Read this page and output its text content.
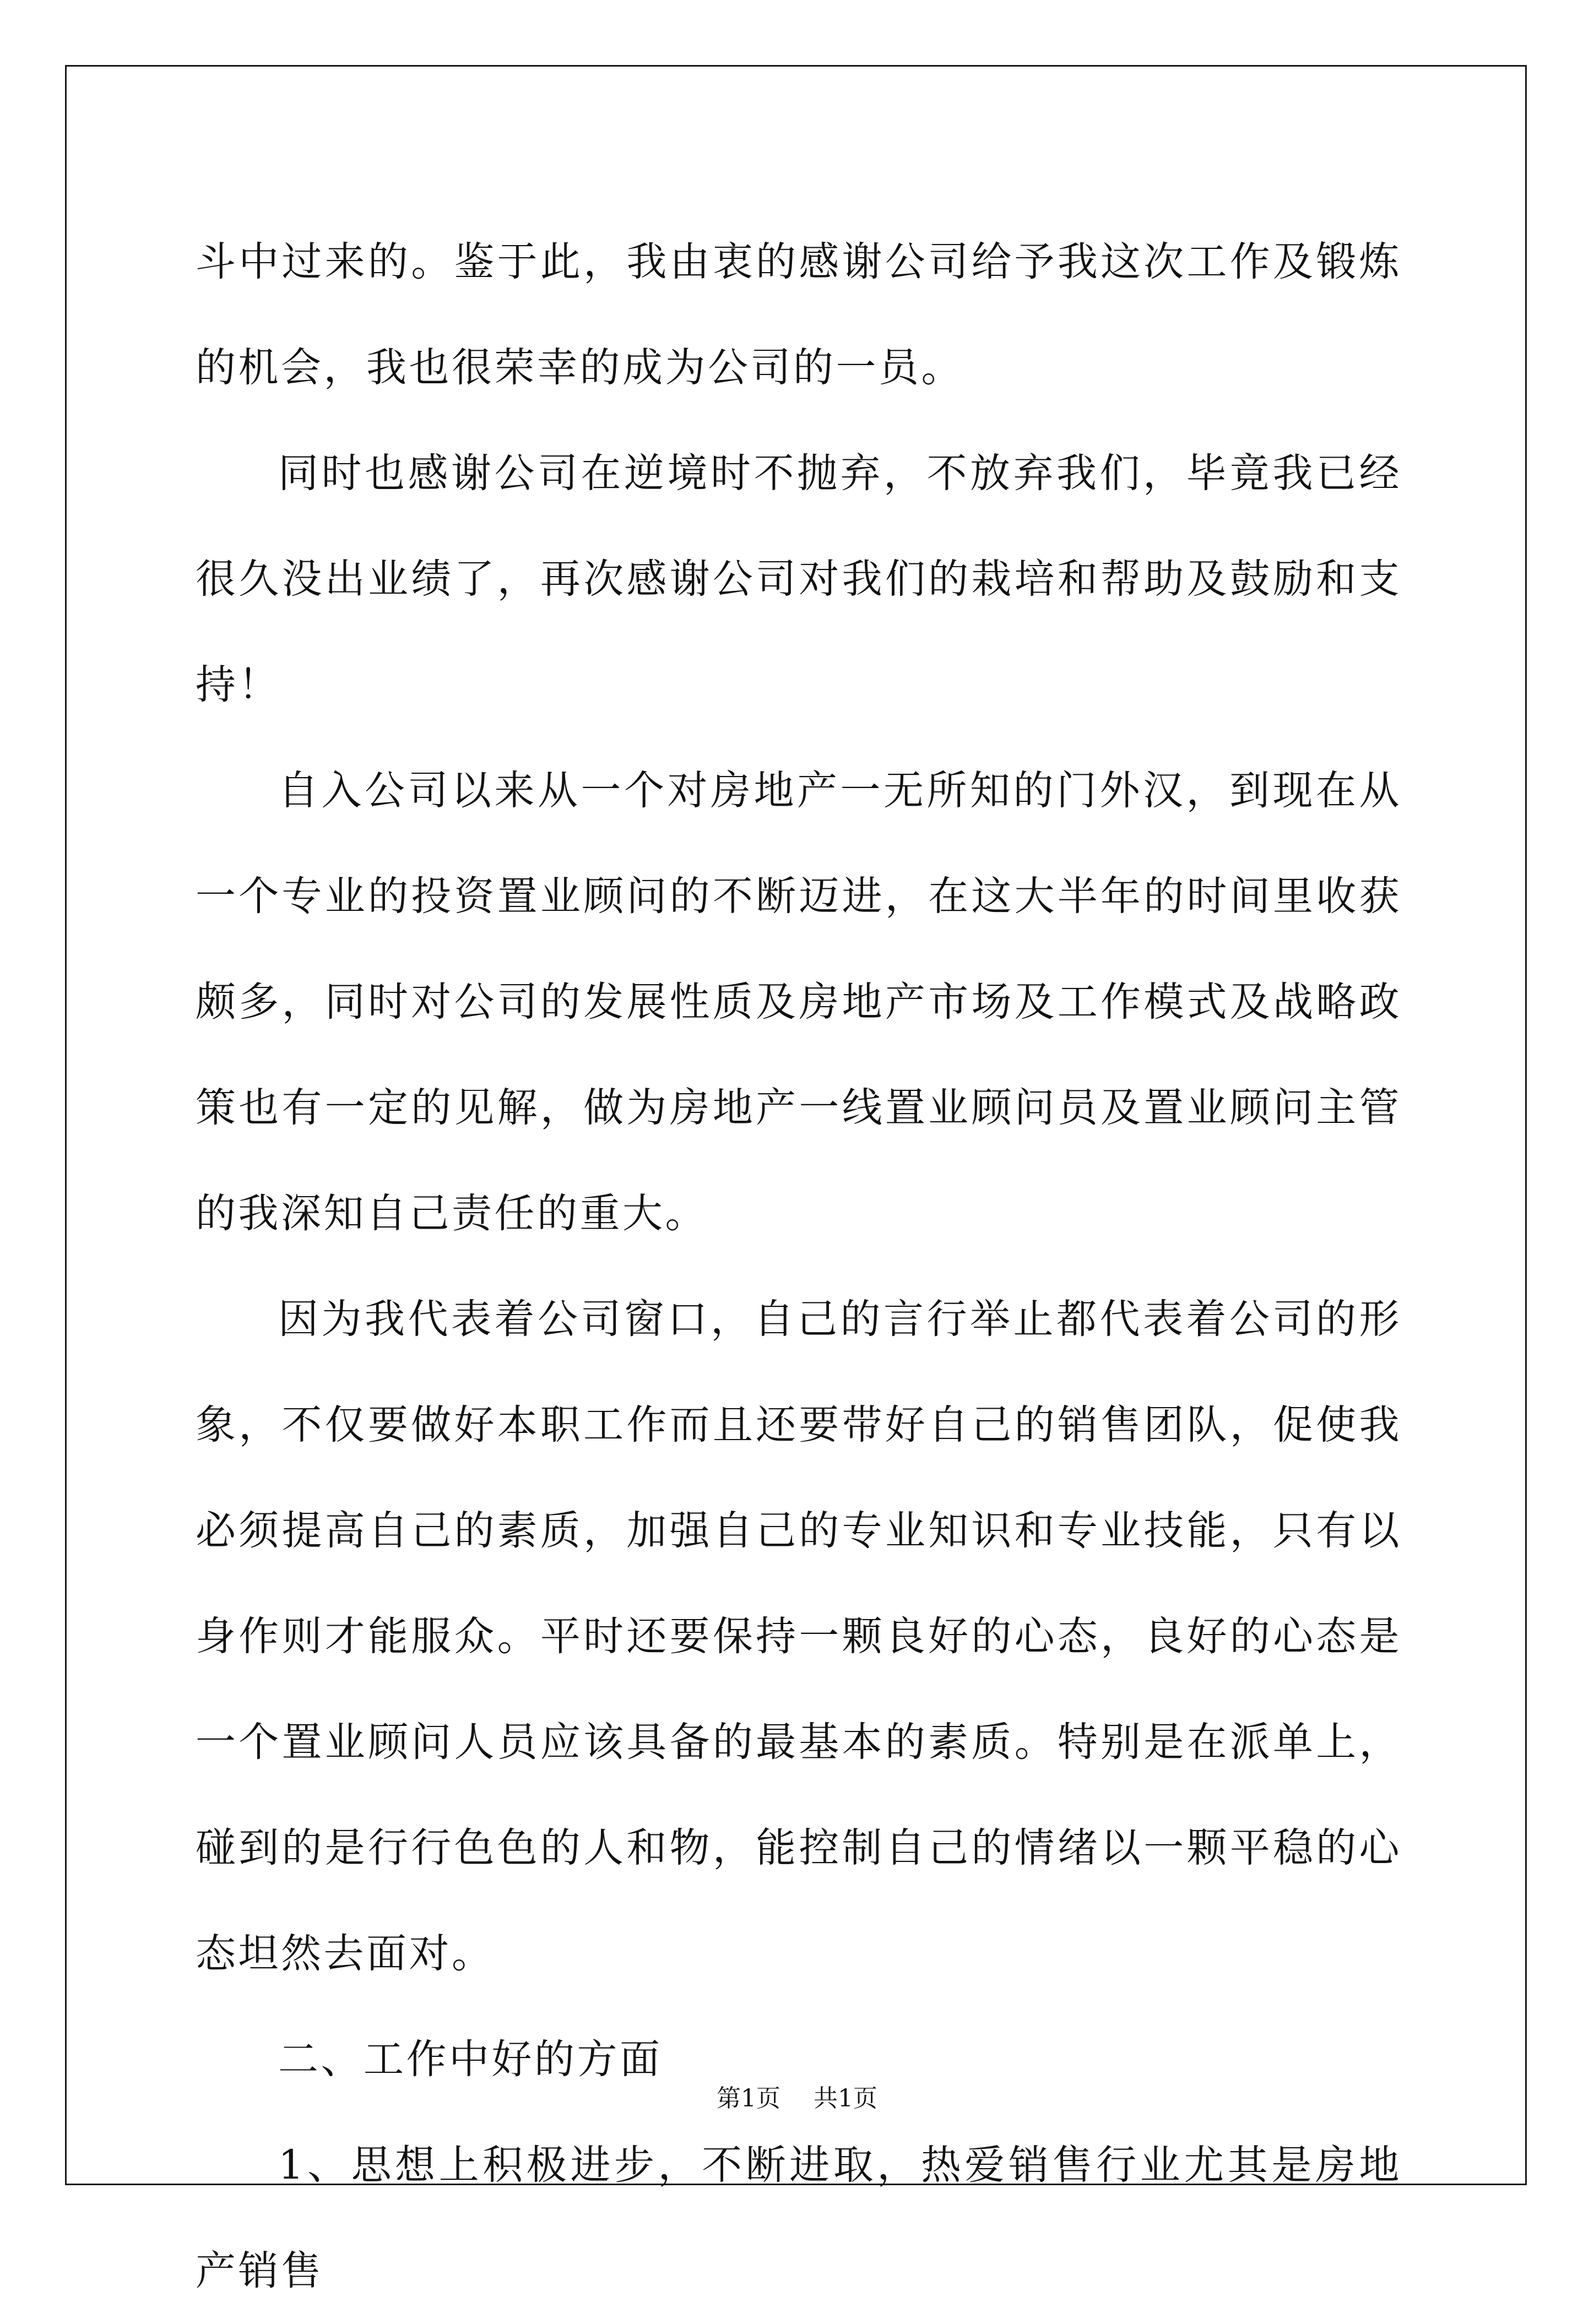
斗中过来的。鉴于此，我由衷的感谢公司给予我这次工作及锻炼的机会，我也很荣幸的成为公司的一员。

同时也感谢公司在逆境时不抛弃，不放弃我们，毕竟我已经很久没出业绩了，再次感谢公司对我们的栽培和帮助及鼓励和支持！

自入公司以来从一个对房地产一无所知的门外汉，到现在从一个专业的投资置业顾问的不断迈进，在这大半年的时间里收获颇多，同时对公司的发展性质及房地产市场及工作模式及战略政策也有一定的见解，做为房地产一线置业顾问员及置业顾问主管的我深知自己责任的重大。

因为我代表着公司窗口，自己的言行举止都代表着公司的形象，不仅要做好本职工作而且还要带好自己的销售团队，促使我必须提高自己的素质，加强自己的专业知识和专业技能，只有以身作则才能服众。平时还要保持一颗良好的心态，良好的心态是一个置业顾问人员应该具备的最基本的素质。特别是在派单上，碰到的是行行色色的人和物，能控制自己的情绪以一颗平稳的心态坦然去面对。

二、工作中好的方面

1、思想上积极进步，不断进取，热爱销售行业尤其是房地产销售

第1页 共1页
